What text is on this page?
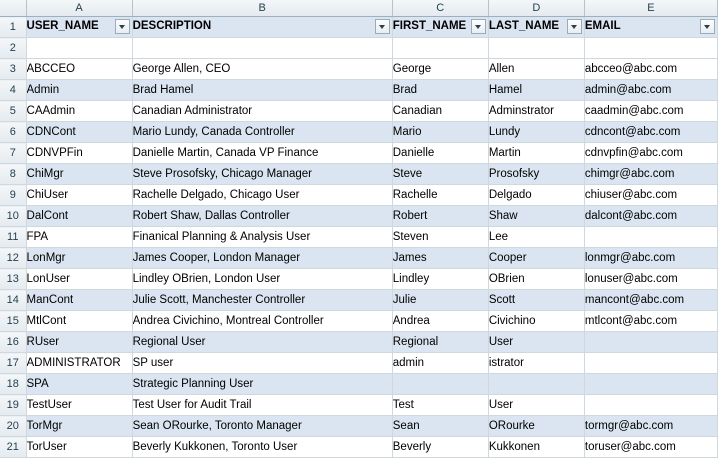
	A	B	C	D	E
1	USER_NAME	DESCRIPTION	FIRST_NAME	LAST_NAME	EMAIL

2					
3	ABCCEO	George Allen, CEO	George	Allen	abcceo@abc.com
4	Admin	Brad Hamel	Brad	Hamel	admin@abc.com
5	CAAdmin	Canadian Administrator	Canadian	Adminstrator	caadmin@abc.com
6	CDNCont	Mario Lundy, Canada Controller	Mario	Lundy	cdncont@abc.com
7	CDNVPFin	Danielle Martin, Canada VP Finance	Danielle	Martin	cdnvpfin@abc.com
8	ChiMgr	Steve Prosofsky, Chicago Manager	Steve	Prosofsky	chimgr@abc.com
9	ChiUser	Rachelle Delgado, Chicago User	Rachelle	Delgado	chiuser@abc.com
10	DalCont	Robert Shaw, Dallas Controller	Robert	Shaw	dalcont@abc.com
11	FPA	Finanical Planning & Analysis User	Steven	Lee	
12	LonMgr	James Cooper, London Manager	James	Cooper	lonmgr@abc.com
13	LonUser	Lindley OBrien, London User	Lindley	OBrien	lonuser@abc.com
14	ManCont	Julie Scott, Manchester Controller	Julie	Scott	mancont@abc.com
15	MtlCont	Andrea Civichino, Montreal Controller	Andrea	Civichino	mtlcont@abc.com
16	RUser	Regional User	Regional	User	
17	ADMINISTRATOR	SP user	admin	istrator	
18	SPA	Strategic Planning User			
19	TestUser	Test User for Audit Trail	Test	User	
20	TorMgr	Sean ORourke, Toronto Manager	Sean	ORourke	tormgr@abc.com
21	TorUser	Beverly Kukkonen, Toronto User	Beverly	Kukkonen	toruser@abc.com
